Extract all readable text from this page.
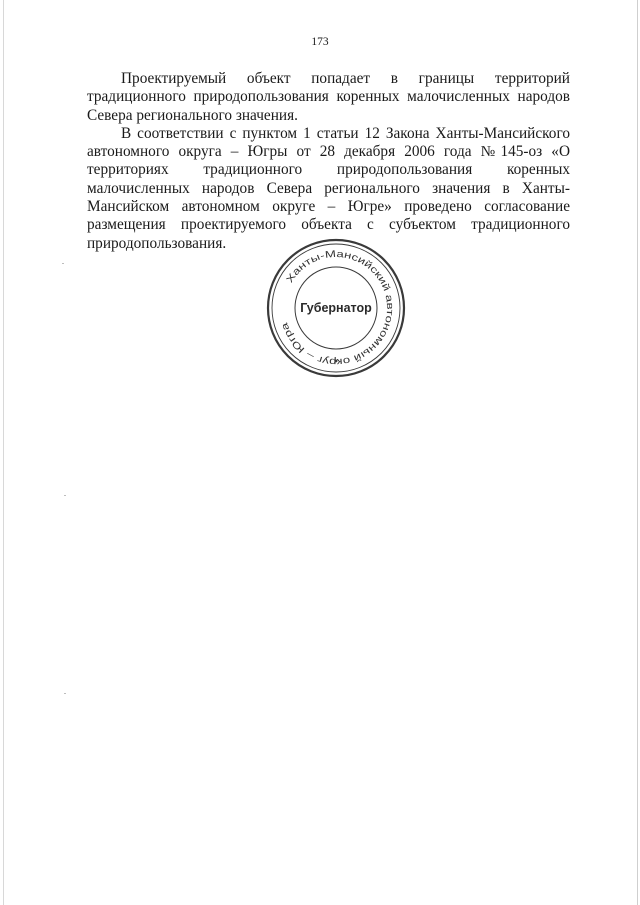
173

Проектируемый объект попадает в границы территорий традиционного природопользования коренных малочисленных народов Севера регионального значения.

В соответствии с пунктом 1 статьи 12 Закона Ханты-Мансийского автономного округа – Югры от 28 декабря 2006 года №145-оз «О территориях традиционного природопользования коренных малочисленных народов Севера регионального значения в Ханты-Мансийском автономном округе – Югре» проведено согласование размещения проектируемого объекта с субъектом традиционного природопользования.

Ханты-Мансийский автономный округ – Югра
Губернатор
